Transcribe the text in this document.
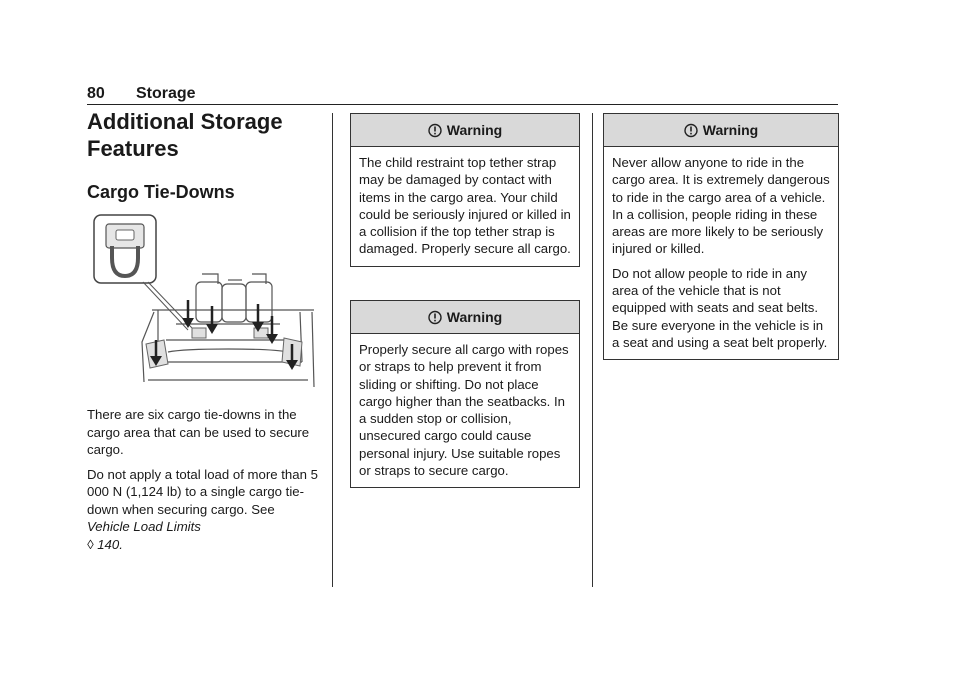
80 Storage
Additional Storage Features
Cargo Tie-Downs

There are six cargo tie-downs in the cargo area that can be used to secure cargo.

Do not apply a total load of more than 5 000 N (1,124 lb) to a single cargo tie-down when securing cargo. See Vehicle Load Limits
◊ 140.

Warning

The child restraint top tether strap may be damaged by contact with items in the cargo area. Your child could be seriously injured or killed in a collision if the top tether strap is damaged. Properly secure all cargo.

Warning

Properly secure all cargo with ropes or straps to help prevent it from sliding or shifting. Do not place cargo higher than the seatbacks. In a sudden stop or collision, unsecured cargo could cause personal injury. Use suitable ropes or straps to secure cargo.

Warning

Never allow anyone to ride in the cargo area. It is extremely dangerous to ride in the cargo area of a vehicle. In a collision, people riding in these areas are more likely to be seriously injured or killed.

Do not allow people to ride in any area of the vehicle that is not equipped with seats and seat belts. Be sure everyone in the vehicle is in a seat and using a seat belt properly.
